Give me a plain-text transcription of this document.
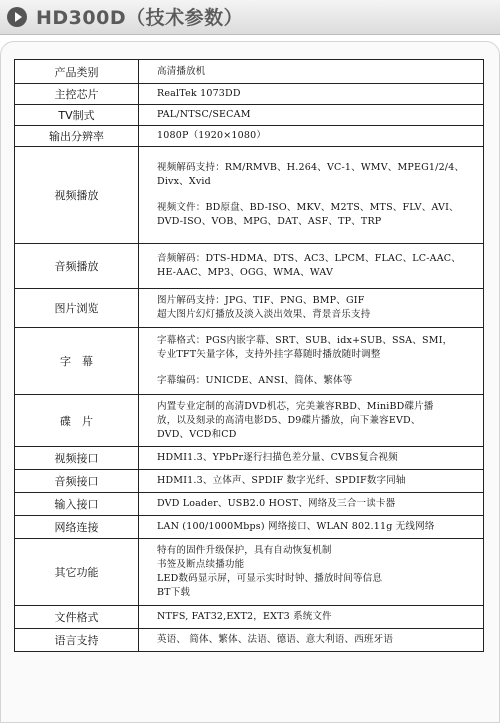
HD300D（技术参数）
产品类别	高清播放机

主控芯片	RealTek 1073DD

TV制式	PAL/NTSC/SECAM

输出分辨率	1080P（1920×1080）

视频播放	视频解码支持：RM/RMVB、H.264、VC-1、WMV、MPEG1/2/4、
Divx、Xvid
视频文件：BD原盘、BD-ISO、MKV、M2TS、MTS、FLV、AVI、
DVD-ISO、VOB、MPG、DAT、ASF、TP、TRP

音频播放	音频解码：DTS-HDMA、DTS、AC3、LPCM、FLAC、LC-AAC、
HE-AAC、MP3、OGG、WMA、WAV

图片浏览	图片解码支持：JPG、TIF、PNG、BMP、GIF
超大图片幻灯播放及淡入淡出效果、背景音乐支持

字　幕	字幕格式：PGS内嵌字幕、SRT、SUB、idx+SUB、SSA、SMI，
专业TFT矢量字体，支持外挂字幕随时播放随时调整
字幕编码：UNICDE、ANSI、简体、繁体等

碟　片	内置专业定制的高清DVD机芯，完美兼容RBD、MiniBD碟片播
放，以及刻录的高清电影D5、D9碟片播放，向下兼容EVD、
DVD、VCD和CD

视频接口	HDMI1.3、YPbPr逐行扫描色差分量、CVBS复合视频

音频接口	HDMI1.3、立体声、SPDIF 数字光纤、SPDIF数字同轴

输入接口	DVD Loader、USB2.0 HOST、网络及三合一读卡器

网络连接	LAN (100/1000Mbps) 网络接口、WLAN 802.11g 无线网络

其它功能	特有的固件升级保护，具有自动恢复机制
书签及断点续播功能
LED数码显示屏，可显示实时时钟、播放时间等信息
BT下载

文件格式	NTFS, FAT32,EXT2，EXT3 系统文件

语言支持	英语、 简体、繁体、法语、德语、意大利语、西班牙语
